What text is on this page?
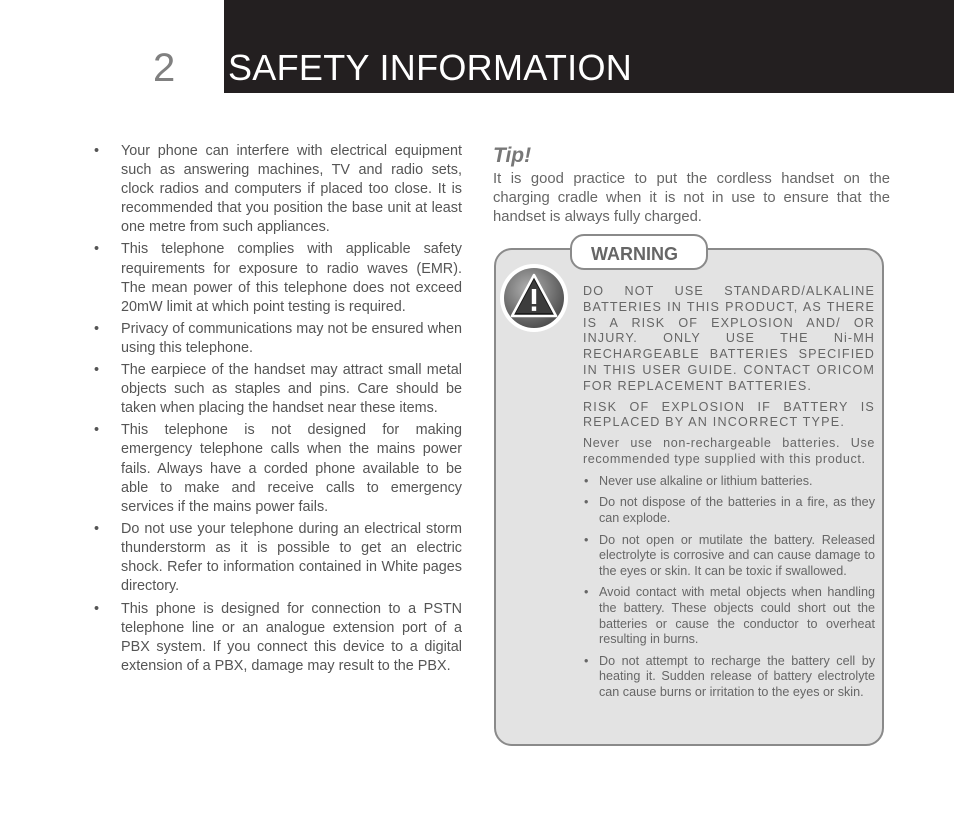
2 SAFETY INFORMATION
• Your phone can interfere with electrical equipment such as answering machines, TV and radio sets, clock radios and computers if placed too close. It is recommended that you position the base unit at least one metre from such appliances.
• This telephone complies with applicable safety requirements for exposure to radio waves (EMR). The mean power of this telephone does not exceed 20mW limit at which point testing is required.
• Privacy of communications may not be ensured when using this telephone.
• The earpiece of the handset may attract small metal objects such as staples and pins. Care should be taken when placing the handset near these items.
• This telephone is not designed for making emergency telephone calls when the mains power fails. Always have a corded phone available to be able to make and receive calls to emergency services if the mains power fails.
• Do not use your telephone during an electrical storm thunderstorm as it is possible to get an electric shock. Refer to information contained in White pages directory.
• This phone is designed for connection to a PSTN telephone line or an analogue extension port of a PBX system. If you connect this device to a digital extension of a PBX, damage may result to the PBX.
Tip!
It is good practice to put the cordless handset on the charging cradle when it is not in use to ensure that the handset is always fully charged.
WARNING

DO NOT USE STANDARD/ALKALINE BATTERIES IN THIS PRODUCT, AS THERE IS A RISK OF EXPLOSION AND/ OR INJURY. ONLY USE THE Ni-MH RECHARGEABLE BATTERIES SPECIFIED IN THIS USER GUIDE. CONTACT ORICOM FOR REPLACEMENT BATTERIES.

RISK OF EXPLOSION IF BATTERY IS REPLACED BY AN INCORRECT TYPE.

Never use non-rechargeable batteries. Use recommended type supplied with this product.

• Never use alkaline or lithium batteries.
• Do not dispose of the batteries in a fire, as they can explode.
• Do not open or mutilate the battery. Released electrolyte is corrosive and can cause damage to the eyes or skin. It can be toxic if swallowed.
• Avoid contact with metal objects when handling the battery. These objects could short out the batteries or cause the conductor to overheat resulting in burns.
• Do not attempt to recharge the battery cell by heating it. Sudden release of battery electrolyte can cause burns or irritation to the eyes or skin.
